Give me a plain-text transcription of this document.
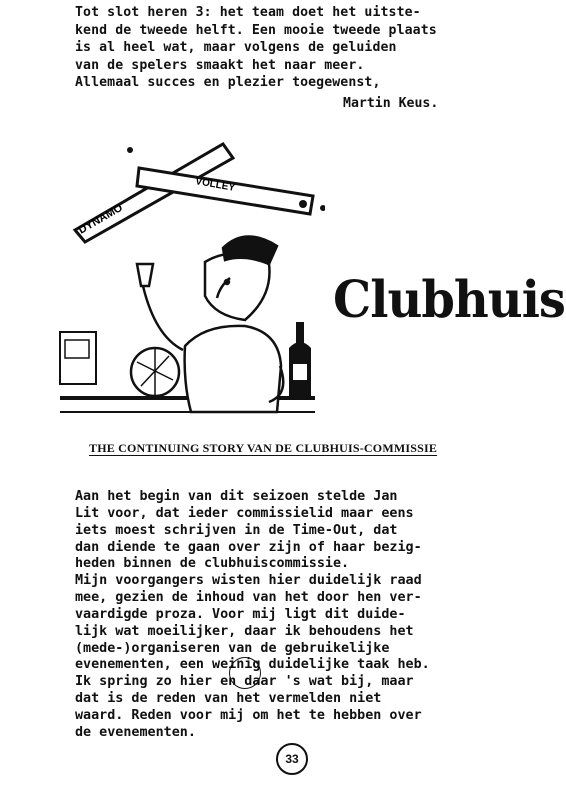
Tot slot heren 3: het team doet het uitste-
kend de tweede helft. Een mooie tweede plaats
is al heel wat, maar volgens de geluiden
van de spelers smaakt het naar meer.
Allemaal succes en plezier toegewenst,
Martin Keus.
DYNAMO
VOLLEY
Clubhuis
THE CONTINUING STORY VAN DE CLUBHUIS-COMMISSIE
Aan het begin van dit seizoen stelde Jan
Lit voor, dat ieder commissielid maar eens
iets moest schrijven in de Time-Out, dat
dan diende te gaan over zijn of haar bezig-
heden binnen de clubhuiscommissie.
Mijn voorgangers wisten hier duidelijk raad
mee, gezien de inhoud van het door hen ver-
vaardigde proza. Voor mij ligt dit duide-
lijk wat moeilijker, daar ik behoudens het
(mede-)organiseren van de gebruikelijke
evenementen, een weinig duidelijke taak heb.
Ik spring zo hier en daar 's wat bij, maar
dat is de reden van het vermelden niet
waard. Reden voor mij om het te hebben over
de evenementen.
33
